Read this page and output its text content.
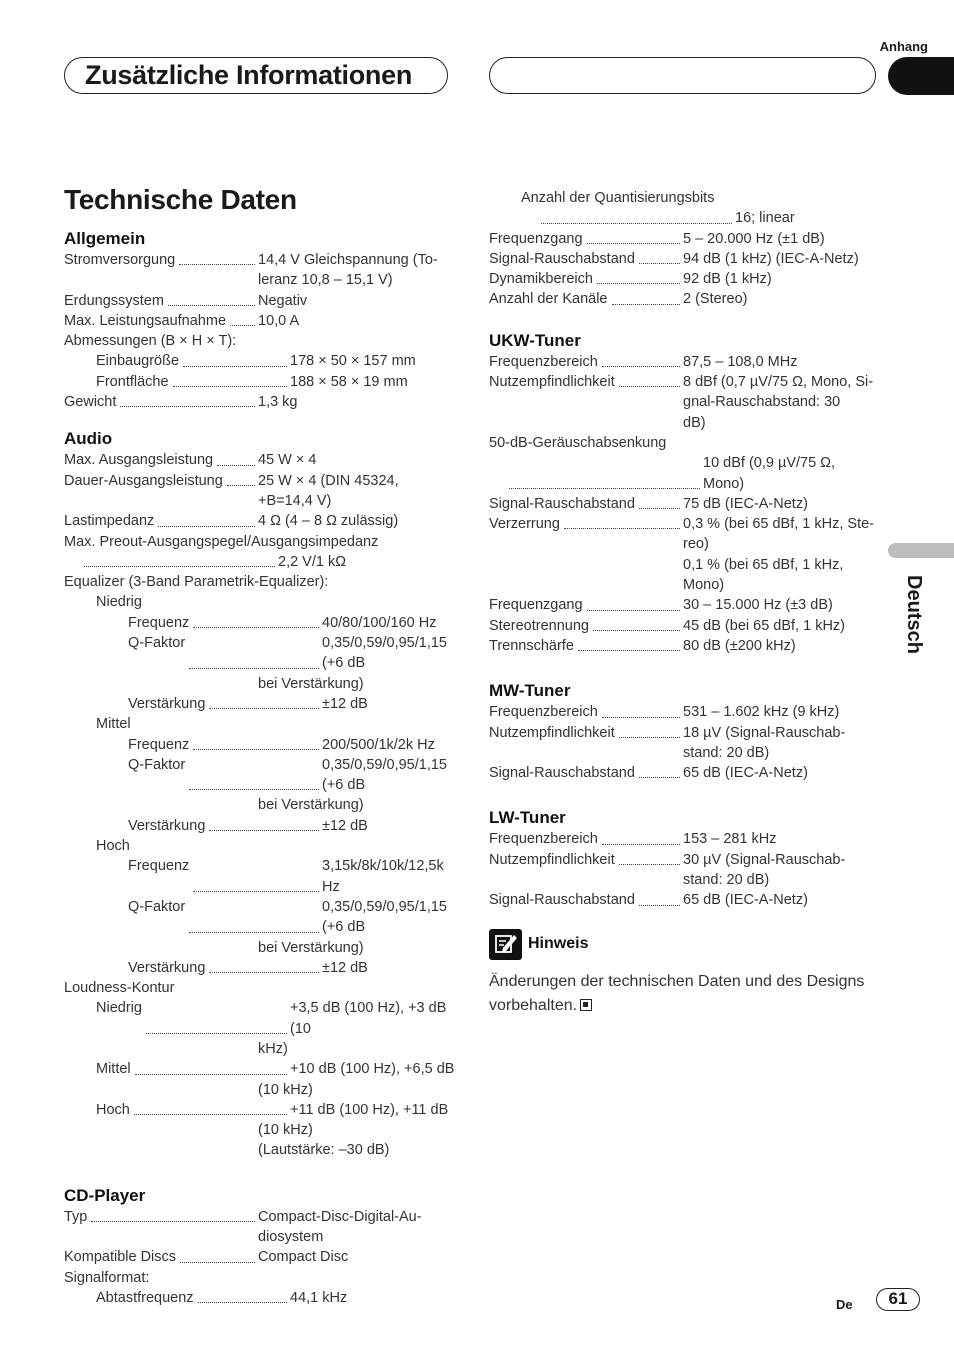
Anhang
Zusätzliche Informationen
Deutsch
Technische Daten
Allgemein
Stromversorgung	14,4 V Gleichspannung (To-
leranz 10,8 – 15,1 V)
Erdungssystem	Negativ
Max. Leistungsaufnahme 10,0 A
Abmessungen (B × H × T):
Einbaugröße	178 × 50 × 157 mm
Frontfläche	188 × 58 × 19 mm
Gewicht	1,3 kg
Audio
Max. Ausgangsleistung	45 W × 4
Dauer-Ausgangsleistung 25 W × 4 (DIN 45324,
+B=14,4 V)
Lastimpedanz	4 Ω (4 – 8 Ω zulässig)
Max. Preout-Ausgangspegel/Ausgangsimpedanz
2,2 V/1 kΩ
Equalizer (3-Band Parametrik-Equalizer):
Niedrig
Frequenz	40/80/100/160 Hz
Q-Faktor	0,35/0,59/0,95/1,15 (+6 dB
bei Verstärkung)
Verstärkung	±12 dB
Mittel
Frequenz	200/500/1k/2k Hz
Q-Faktor	0,35/0,59/0,95/1,15 (+6 dB
bei Verstärkung)
Verstärkung	±12 dB
Hoch
Frequenz	3,15k/8k/10k/12,5k Hz
Q-Faktor	0,35/0,59/0,95/1,15 (+6 dB
bei Verstärkung)
Verstärkung	±12 dB
Loudness-Kontur
Niedrig	+3,5 dB (100 Hz), +3 dB (10
kHz)
Mittel	+10 dB (100 Hz), +6,5 dB
(10 kHz)
Hoch	+11 dB (100 Hz), +11 dB
(10 kHz)
(Lautstärke: –30 dB)
CD-Player
Typ	Compact-Disc-Digital-Au-
diosystem
Kompatible Discs	Compact Disc
Signalformat:
Abtastfrequenz	44,1 kHz
Anzahl der Quantisierungsbits
16; linear
Frequenzgang	5 – 20.000 Hz (±1 dB)
Signal-Rauschabstand	94 dB (1 kHz) (IEC-A-Netz)
Dynamikbereich	92 dB (1 kHz)
Anzahl der Kanäle	2 (Stereo)
UKW-Tuner
Frequenzbereich	87,5 – 108,0 MHz
Nutzempfindlichkeit	8 dBf (0,7 µV/75 Ω, Mono, Si-
gnal-Rauschabstand: 30
dB)
50-dB-Geräuschabsenkung
10 dBf (0,9 µV/75 Ω, Mono)
Signal-Rauschabstand	75 dB (IEC-A-Netz)
Verzerrung	0,3 % (bei 65 dBf, 1 kHz, Ste-
reo)
0,1 % (bei 65 dBf, 1 kHz,
Mono)
Frequenzgang	30 – 15.000 Hz (±3 dB)
Stereotrennung	45 dB (bei 65 dBf, 1 kHz)
Trennschärfe	80 dB (±200 kHz)
MW-Tuner
Frequenzbereich	531 – 1.602 kHz (9 kHz)
Nutzempfindlichkeit	18 µV (Signal-Rauschab-
stand: 20 dB)
Signal-Rauschabstand	65 dB (IEC-A-Netz)
LW-Tuner
Frequenzbereich	153 – 281 kHz
Nutzempfindlichkeit	30 µV (Signal-Rauschab-
stand: 20 dB)
Signal-Rauschabstand	65 dB (IEC-A-Netz)
Hinweis
Änderungen der technischen Daten und des Designs vorbehalten.
De	61
